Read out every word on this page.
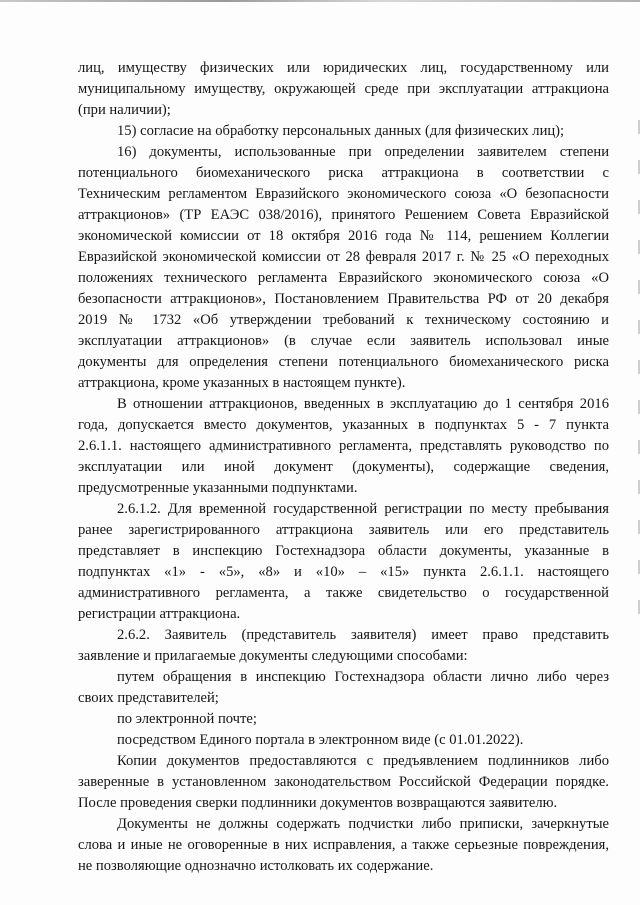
лиц, имуществу физических или юридических лиц, государственному или
муниципальному имуществу, окружающей среде при эксплуатации аттракциона
(при наличии);
15) согласие на обработку персональных данных (для физических лиц);
16) документы, использованные при определении заявителем степени
потенциального биомеханического риска аттракциона в соответствии с
Техническим регламентом Евразийского экономического союза «О безопасности
аттракционов» (ТР ЕАЭС 038/2016), принятого Решением Совета Евразийской
экономической комиссии от 18 октября 2016 года № 114, решением Коллегии
Евразийской экономической комиссии от 28 февраля 2017 г. № 25 «О переходных
положениях технического регламента Евразийского экономического союза «О
безопасности аттракционов», Постановлением Правительства РФ от 20 декабря
2019 № 1732 «Об утверждении требований к техническому состоянию и
эксплуатации аттракционов» (в случае если заявитель использовал иные
документы для определения степени потенциального биомеханического риска
аттракциона, кроме указанных в настоящем пункте).
В отношении аттракционов, введенных в эксплуатацию до 1 сентября 2016
года, допускается вместо документов, указанных в подпунктах 5 - 7 пункта
2.6.1.1. настоящего административного регламента, представлять руководство по
эксплуатации или иной документ (документы), содержащие сведения,
предусмотренные указанными подпунктами.
2.6.1.2. Для временной государственной регистрации по месту пребывания
ранее зарегистрированного аттракциона заявитель или его представитель
представляет в инспекцию Гостехнадзора области документы, указанные в
подпунктах «1» - «5», «8» и «10» – «15» пункта 2.6.1.1. настоящего
административного регламента, а также свидетельство о государственной
регистрации аттракциона.
2.6.2. Заявитель (представитель заявителя) имеет право представить
заявление и прилагаемые документы следующими способами:
путем обращения в инспекцию Гостехнадзора области лично либо через
своих представителей;
по электронной почте;
посредством Единого портала в электронном виде (с 01.01.2022).
Копии документов предоставляются с предъявлением подлинников либо
заверенные в установленном законодательством Российской Федерации порядке.
После проведения сверки подлинники документов возвращаются заявителю.
Документы не должны содержать подчистки либо приписки, зачеркнутые
слова и иные не оговоренные в них исправления, а также серьезные повреждения,
не позволяющие однозначно истолковать их содержание.
